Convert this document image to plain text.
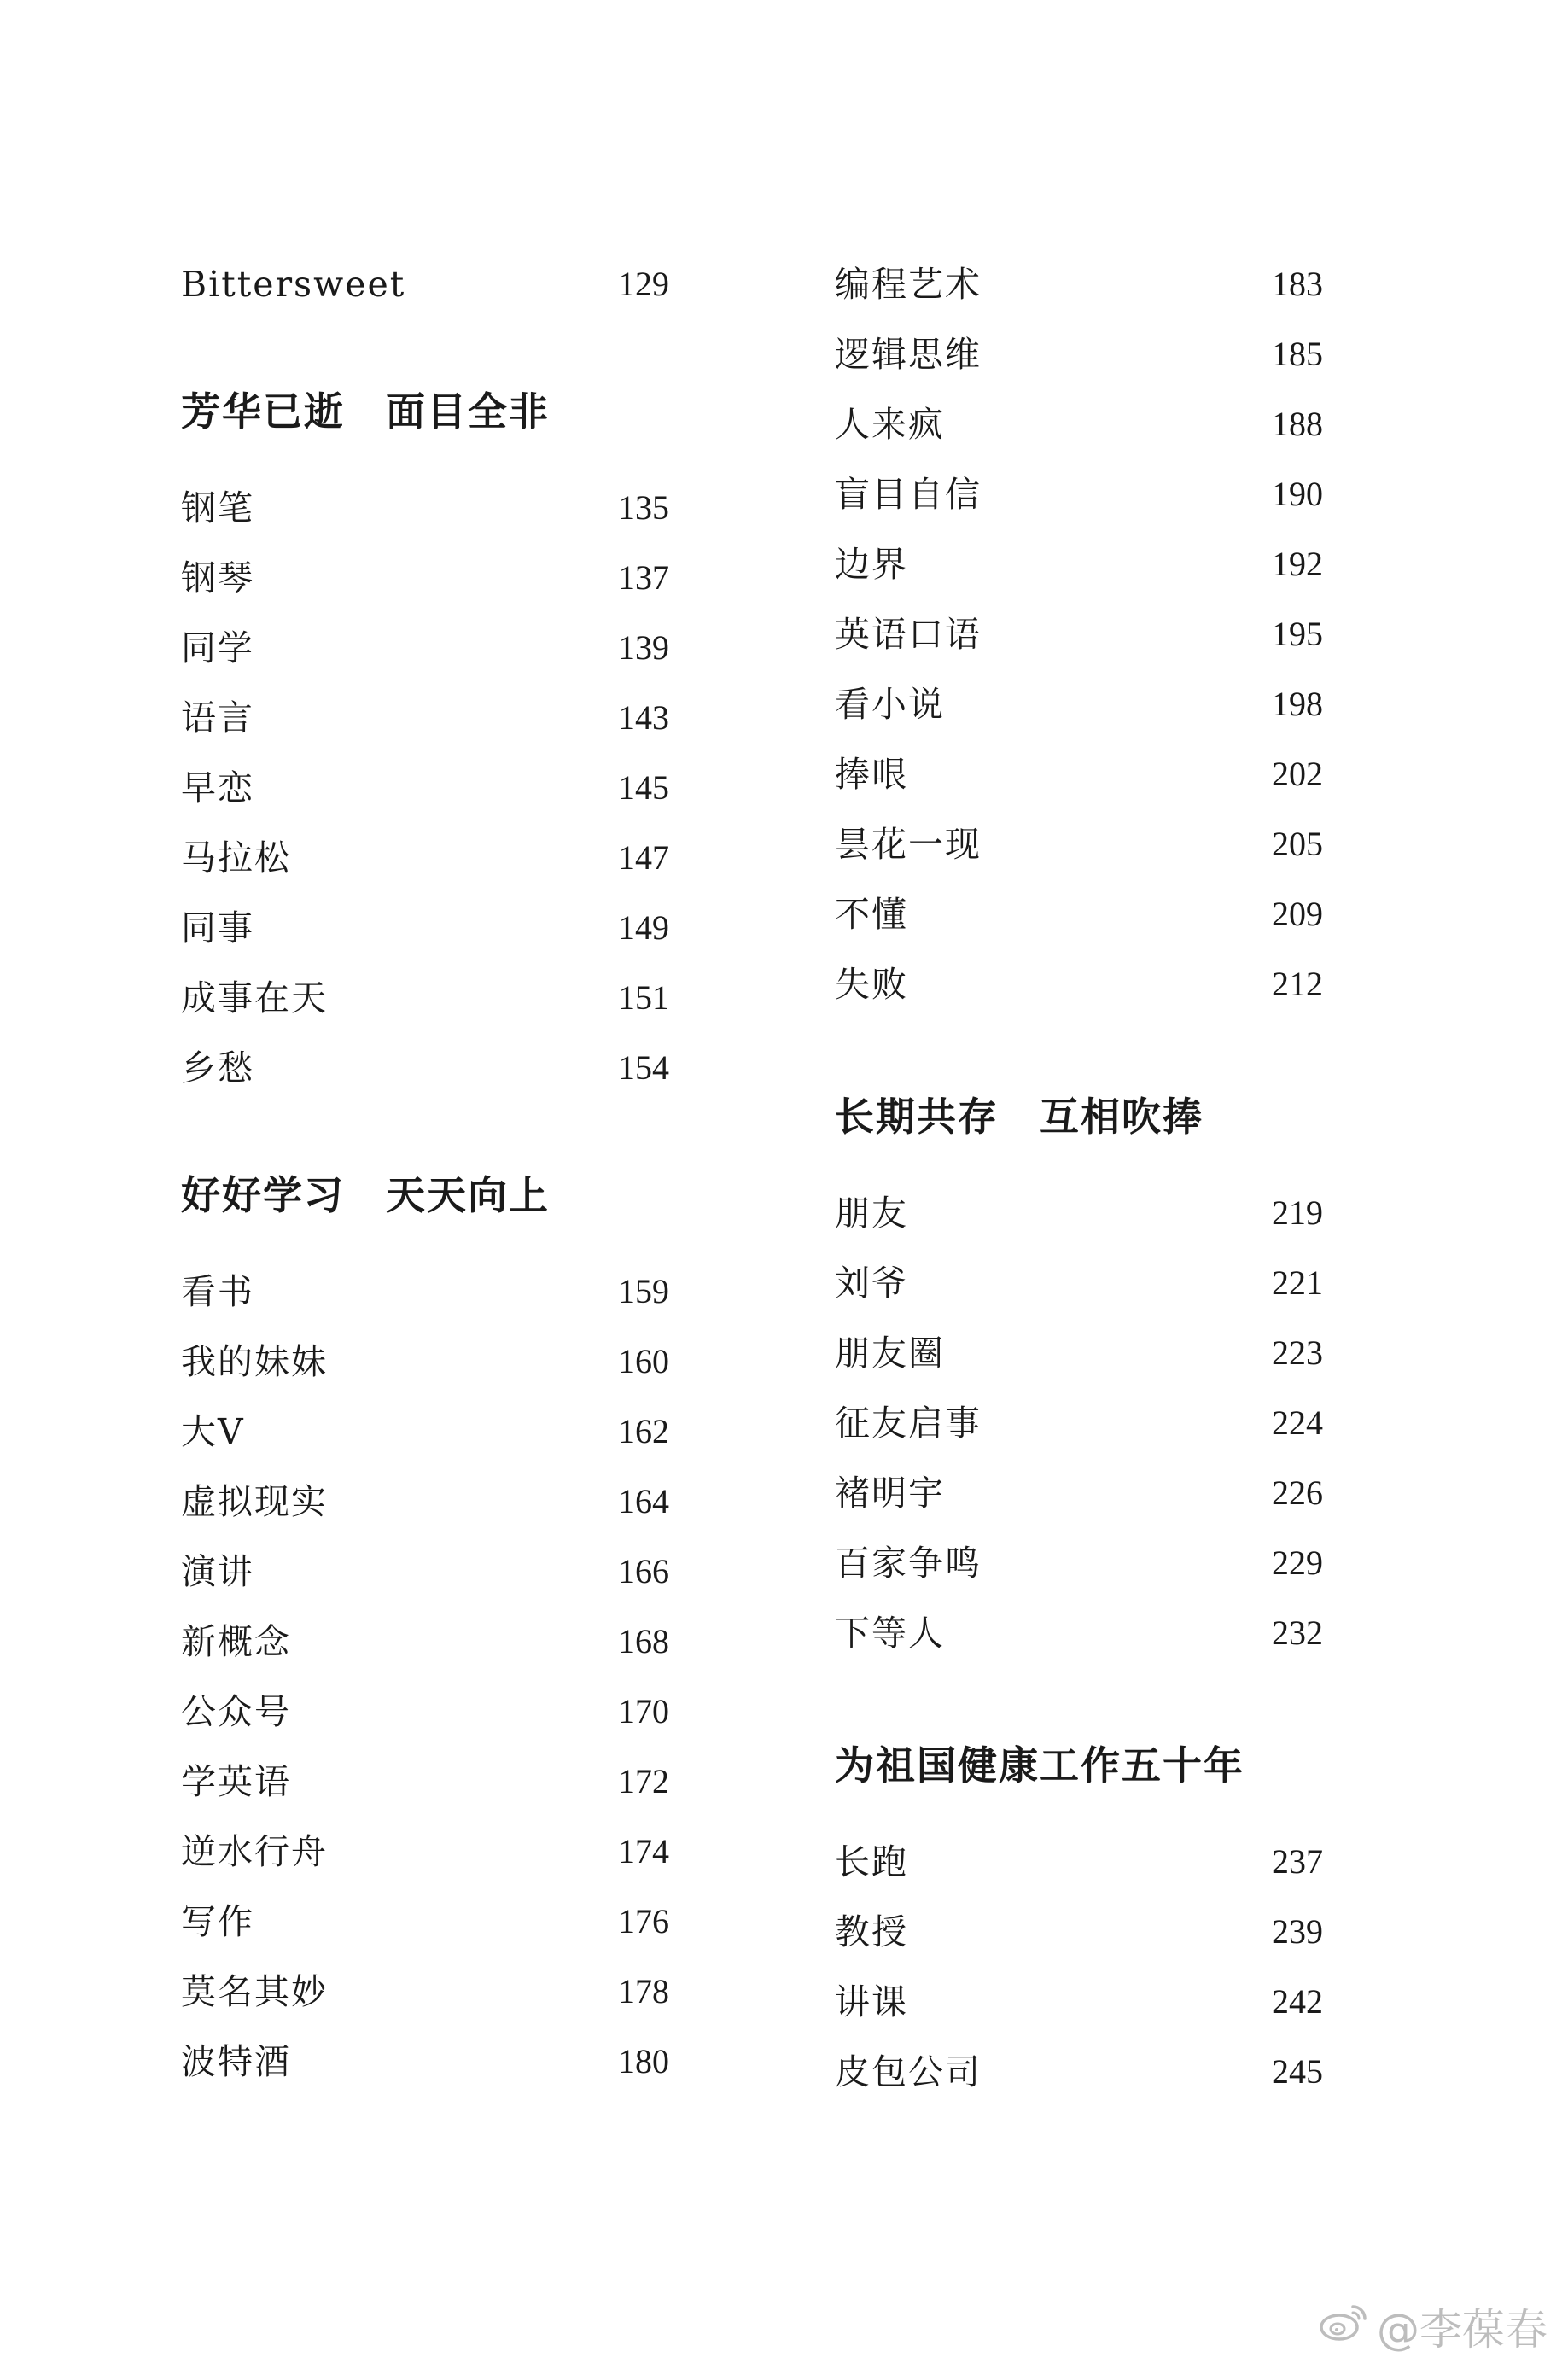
Bittersweet	129
芳华已逝　面目全非
钢笔	135
钢琴	137
同学	139
语言	143
早恋	145
马拉松	147
同事	149
成事在天	151
乡愁	154
好好学习　天天向上
看书	159
我的妹妹	160
大V	162
虚拟现实	164
演讲	166
新概念	168
公众号	170
学英语	172
逆水行舟	174
写作	176
莫名其妙	178
波特酒	180
编程艺术	183
逻辑思维	185
人来疯	188
盲目自信	190
边界	192
英语口语	195
看小说	198
捧哏	202
昙花一现	205
不懂	209
失败	212
长期共存　互相吹捧
朋友	219
刘爷	221
朋友圈	223
征友启事	224
褚明宇	226
百家争鸣	229
下等人	232
为祖国健康工作五十年
长跑	237
教授	239
讲课	242
皮包公司	245
@李葆春
